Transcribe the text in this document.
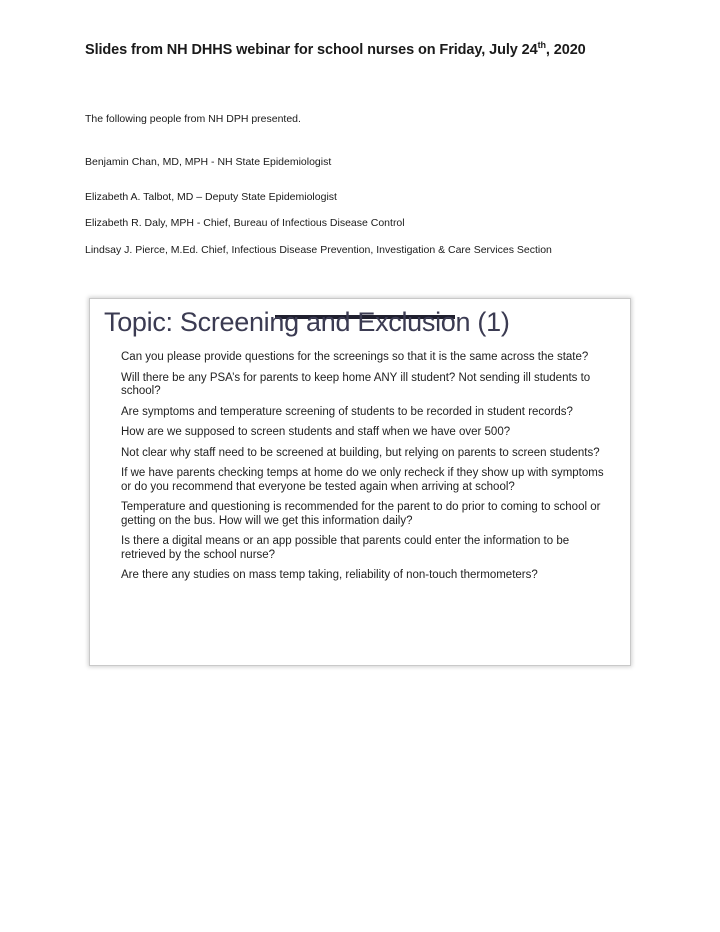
Slides from NH DHHS webinar for school nurses on Friday, July 24th, 2020
The following people from NH DPH presented.
Benjamin Chan, MD, MPH - NH State Epidemiologist
Elizabeth A. Talbot, MD – Deputy State Epidemiologist
Elizabeth R. Daly, MPH - Chief, Bureau of Infectious Disease Control
Lindsay J. Pierce, M.Ed. Chief, Infectious Disease Prevention, Investigation & Care Services Section
Topic: Screening and Exclusion (1)
Can you please provide questions for the screenings so that it is the same across the state?
Will there be any PSA’s for parents to keep home ANY ill student? Not sending ill students to school?
Are symptoms and temperature screening of students to be recorded in student records?
How are we supposed to screen students and staff when we have over 500?
Not clear why staff need to be screened at building, but relying on parents to screen students?
If we have parents checking temps at home do we only recheck if they show up with symptoms or do you recommend that everyone be tested again when arriving at school?
Temperature and questioning is recommended for the parent to do prior to coming to school or getting on the bus. How will we get this information daily?
Is there a digital means or an app possible that parents could enter the information to be retrieved by the school nurse?
Are there any studies on mass temp taking, reliability of non-touch thermometers?
